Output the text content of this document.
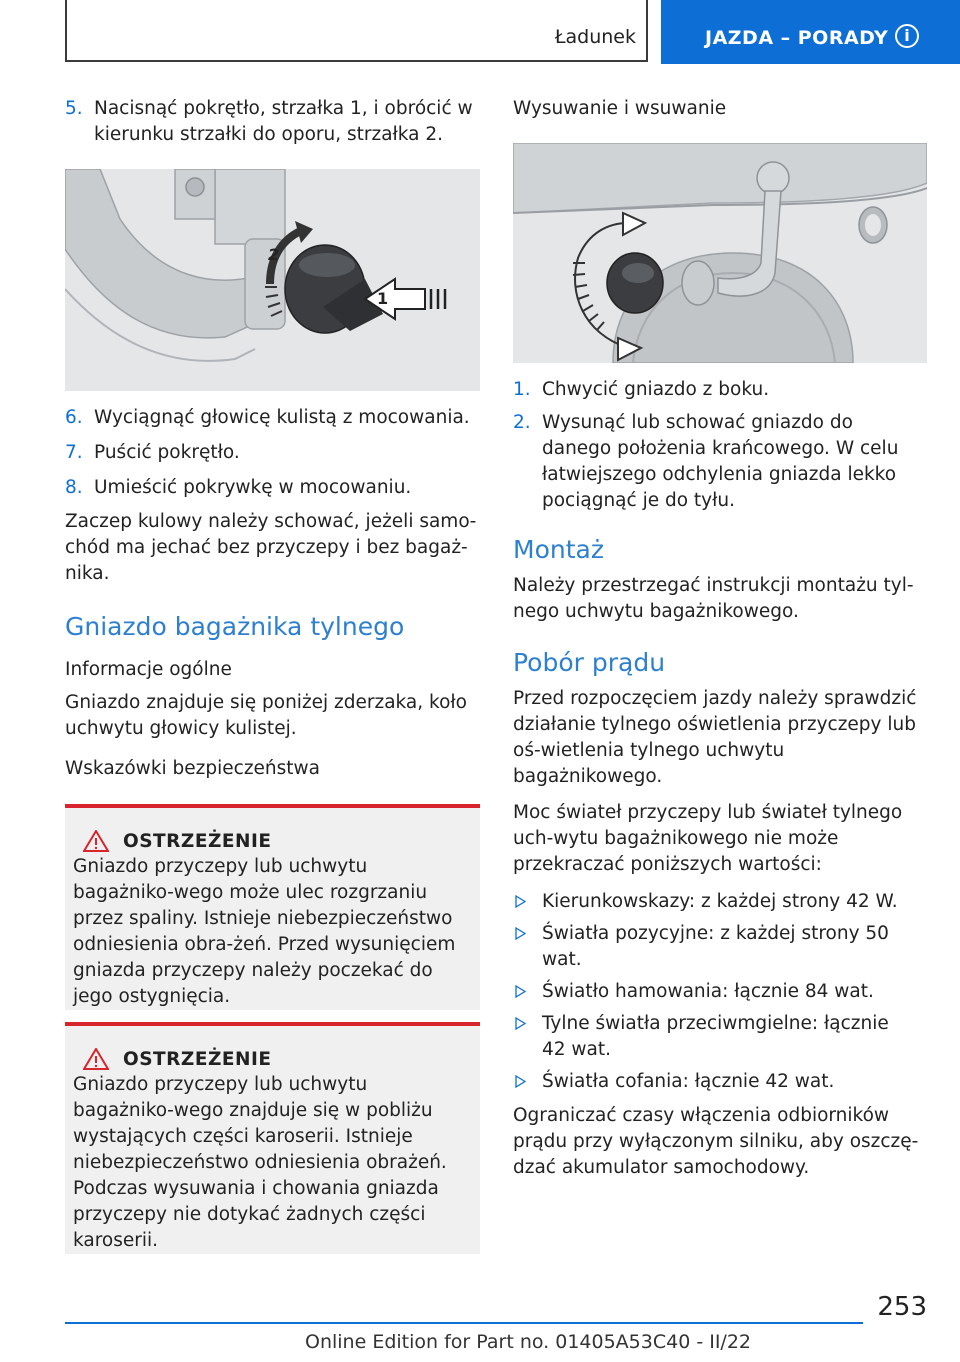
Ładunek	JAZDA – PORADY i
5. Nacisnąć pokrętło, strzałka 1, i obrócić w kierunku strzałki do oporu, strzałka 2.
1
2
6. Wyciągnąć głowicę kulistą z mocowania.
7. Puścić pokrętło.
8. Umieścić pokrywkę w mocowaniu.

Zaczep kulowy należy schować, jeżeli samo‐chód ma jechać bez przyczepy i bez bagaż‐nika.

Gniazdo bagażnika tylnego
Informacje ogólne

Gniazdo znajduje się poniżej zderzaka, koło uchwytu głowicy kulistej.

Wskazówki bezpieczeństwa
OSTRZEŻENIE

Gniazdo przyczepy lub uchwytu bagażniko‐wego może ulec rozgrzaniu przez spaliny. Istnieje niebezpieczeństwo odniesienia obra‐żeń. Przed wysunięciem gniazda przyczepy należy poczekać do jego ostygnięcia.

OSTRZEŻENIE

Gniazdo przyczepy lub uchwytu bagażniko‐wego znajduje się w pobliżu wystających części karoserii. Istnieje niebezpieczeństwo odniesienia obrażeń. Podczas wysuwania i chowania gniazda przyczepy nie dotykać żadnych części karoserii.

Wysuwanie i wsuwanie
1. Chwycić gniazdo z boku.
2. Wysunąć lub schować gniazdo do danego położenia krańcowego. W celu łatwiejszego odchylenia gniazda lekko pociągnąć je do tyłu.
Montaż

Należy przestrzegać instrukcji montażu tyl‐nego uchwytu bagażnikowego.

Pobór prądu

Przed rozpoczęciem jazdy należy sprawdzić działanie tylnego oświetlenia przyczepy lub oś‐wietlenia tylnego uchwytu bagażnikowego.

Moc świateł przyczepy lub świateł tylnego uch‐wytu bagażnikowego nie może przekraczać poniższych wartości:

Kierunkowskazy: z każdej strony 42 W.
Światła pozycyjne: z każdej strony 50 wat.
Światło hamowania: łącznie 84 wat.
Tylne światła przeciwmgielne: łącznie 42 wat.
Światła cofania: łącznie 42 wat.

Ograniczać czasy włączenia odbiorników prądu przy wyłączonym silniku, aby oszczę‐dzać akumulator samochodowy.

253
Online Edition for Part no. 01405A53C40 - II/22
